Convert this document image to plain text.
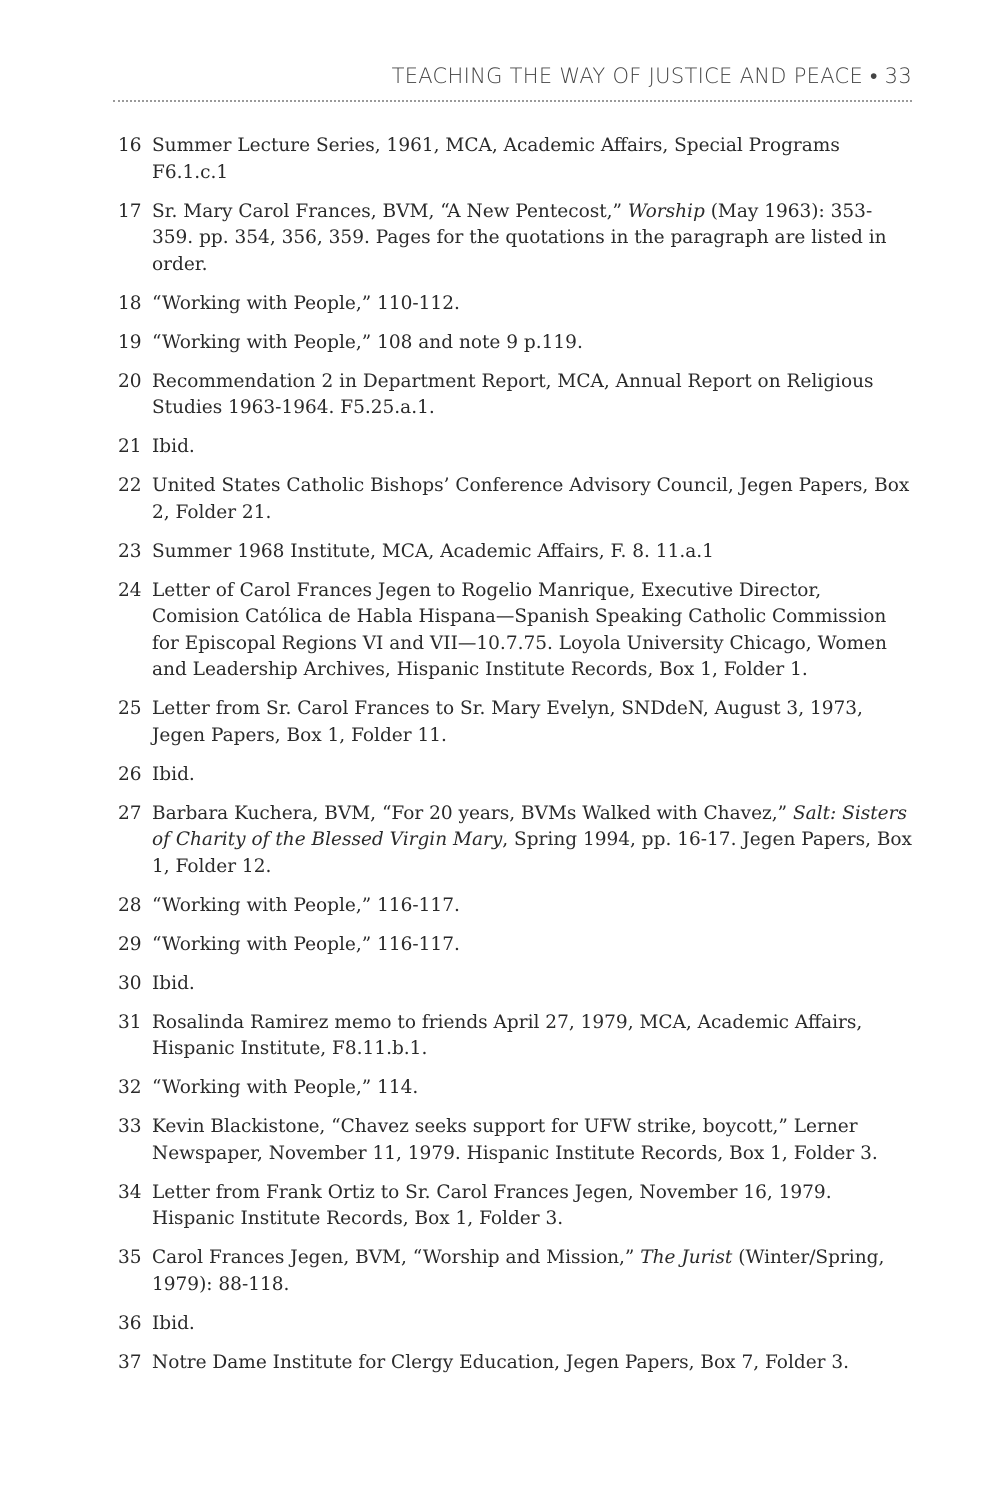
TEACHING THE WAY OF JUSTICE AND PEACE • 33
16 Summer Lecture Series, 1961, MCA, Academic Affairs, Special Programs F6.1.c.1
17 Sr. Mary Carol Frances, BVM, “A New Pentecost,” Worship (May 1963): 353-359. pp. 354, 356, 359. Pages for the quotations in the paragraph are listed in order.
18 “Working with People,” 110-112.
19 “Working with People,” 108 and note 9 p.119.
20 Recommendation 2 in Department Report, MCA, Annual Report on Religious Studies 1963-1964. F5.25.a.1.
21 Ibid.
22 United States Catholic Bishops’ Conference Advisory Council, Jegen Papers, Box 2, Folder 21.
23 Summer 1968 Institute, MCA, Academic Affairs, F. 8. 11.a.1
24 Letter of Carol Frances Jegen to Rogelio Manrique, Executive Director, Comision Católica de Habla Hispana—Spanish Speaking Catholic Commission for Episcopal Regions VI and VII—10.7.75. Loyola University Chicago, Women and Leadership Archives, Hispanic Institute Records, Box 1, Folder 1.
25 Letter from Sr. Carol Frances to Sr. Mary Evelyn, SNDdeN, August 3, 1973, Jegen Papers, Box 1, Folder 11.
26 Ibid.
27 Barbara Kuchera, BVM, “For 20 years, BVMs Walked with Chavez,” Salt: Sisters of Charity of the Blessed Virgin Mary, Spring 1994, pp. 16-17. Jegen Papers, Box 1, Folder 12.
28 “Working with People,” 116-117.
29 “Working with People,” 116-117.
30 Ibid.
31 Rosalinda Ramirez memo to friends April 27, 1979, MCA, Academic Affairs, Hispanic Institute, F8.11.b.1.
32 “Working with People,” 114.
33 Kevin Blackistone, “Chavez seeks support for UFW strike, boycott,” Lerner Newspaper, November 11, 1979. Hispanic Institute Records, Box 1, Folder 3.
34 Letter from Frank Ortiz to Sr. Carol Frances Jegen, November 16, 1979. Hispanic Institute Records, Box 1, Folder 3.
35 Carol Frances Jegen, BVM, “Worship and Mission,” The Jurist (Winter/Spring, 1979): 88-118.
36 Ibid.
37 Notre Dame Institute for Clergy Education, Jegen Papers, Box 7, Folder 3.
